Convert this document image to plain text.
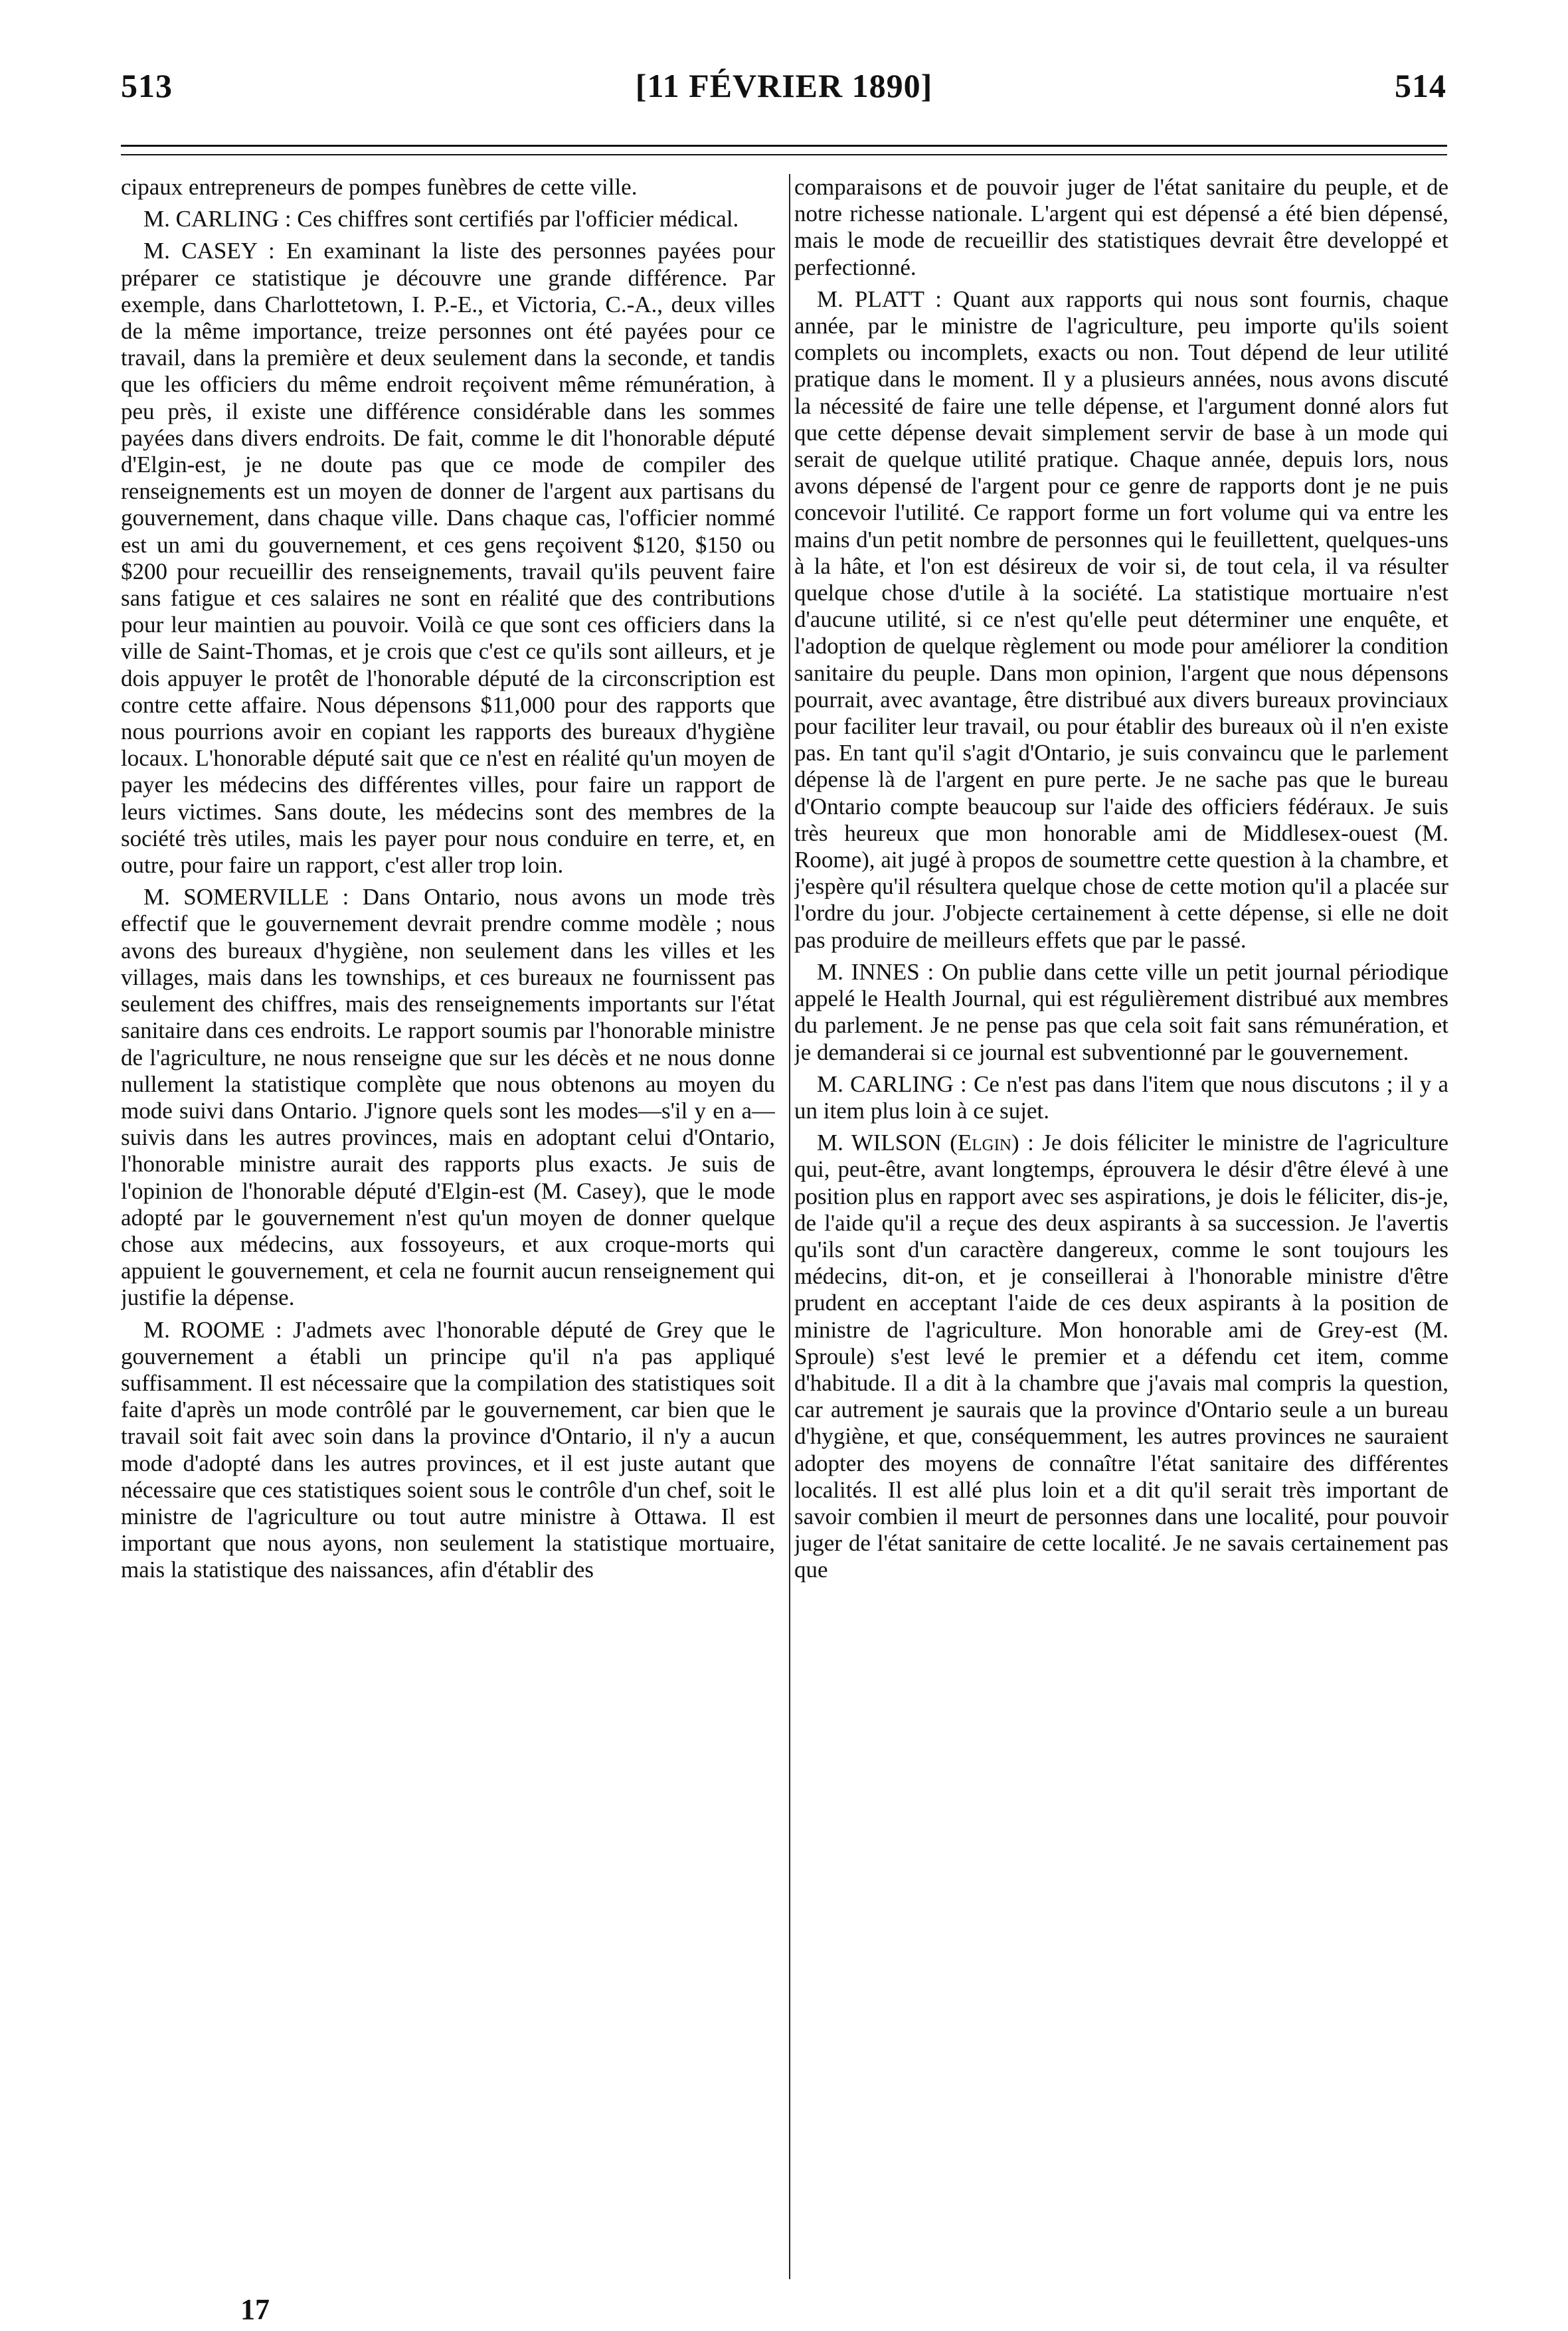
513	[11 FÉVRIER 1890]	514

cipaux entrepreneurs de pompes funèbres de cette ville.

M. CARLING : Ces chiffres sont certifiés par l'officier médical.

M. CASEY : En examinant la liste des personnes payées pour préparer ce statistique je découvre une grande différence. Par exemple, dans Charlottetown, I. P.-E., et Victoria, C.-A., deux villes de la même importance, treize personnes ont été payées pour ce travail, dans la première et deux seulement dans la seconde, et tandis que les officiers du même endroit reçoivent même rémunération, à peu près, il existe une différence considérable dans les sommes payées dans divers endroits. De fait, comme le dit l'honorable député d'Elgin-est, je ne doute pas que ce mode de compiler des renseignements est un moyen de donner de l'argent aux partisans du gouvernement, dans chaque ville. Dans chaque cas, l'officier nommé est un ami du gouvernement, et ces gens reçoivent $120, $150 ou $200 pour recueillir des renseignements, travail qu'ils peuvent faire sans fatigue et ces salaires ne sont en réalité que des contributions pour leur maintien au pouvoir. Voilà ce que sont ces officiers dans la ville de Saint-Thomas, et je crois que c'est ce qu'ils sont ailleurs, et je dois appuyer le protêt de l'honorable député de la circonscription est contre cette affaire. Nous dépensons $11,000 pour des rapports que nous pourrions avoir en copiant les rapports des bureaux d'hygiène locaux. L'honorable député sait que ce n'est en réalité qu'un moyen de payer les médecins des différentes villes, pour faire un rapport de leurs victimes. Sans doute, les médecins sont des membres de la société très utiles, mais les payer pour nous conduire en terre, et, en outre, pour faire un rapport, c'est aller trop loin.

M. SOMERVILLE : Dans Ontario, nous avons un mode très effectif que le gouvernement devrait prendre comme modèle ; nous avons des bureaux d'hygiène, non seulement dans les villes et les villages, mais dans les townships, et ces bureaux ne fournissent pas seulement des chiffres, mais des renseignements importants sur l'état sanitaire dans ces endroits. Le rapport soumis par l'honorable ministre de l'agriculture, ne nous renseigne que sur les décès et ne nous donne nullement la statistique complète que nous obtenons au moyen du mode suivi dans Ontario. J'ignore quels sont les modes—s'il y en a—suivis dans les autres provinces, mais en adoptant celui d'Ontario, l'honorable ministre aurait des rapports plus exacts. Je suis de l'opinion de l'honorable député d'Elgin-est (M. Casey), que le mode adopté par le gouvernement n'est qu'un moyen de donner quelque chose aux médecins, aux fossoyeurs, et aux croque-morts qui appuient le gouvernement, et cela ne fournit aucun renseignement qui justifie la dépense.

M. ROOME : J'admets avec l'honorable député de Grey que le gouvernement a établi un principe qu'il n'a pas appliqué suffisamment. Il est nécessaire que la compilation des statistiques soit faite d'après un mode contrôlé par le gouvernement, car bien que le travail soit fait avec soin dans la province d'Ontario, il n'y a aucun mode d'adopté dans les autres provinces, et il est juste autant que nécessaire que ces statistiques soient sous le contrôle d'un chef, soit le ministre de l'agriculture ou tout autre ministre à Ottawa. Il est important que nous ayons, non seulement la statistique mortuaire, mais la statistique des naissances, afin d'établir des

comparaisons et de pouvoir juger de l'état sanitaire du peuple, et de notre richesse nationale. L'argent qui est dépensé a été bien dépensé, mais le mode de recueillir des statistiques devrait être developpé et perfectionné.

M. PLATT : Quant aux rapports qui nous sont fournis, chaque année, par le ministre de l'agriculture, peu importe qu'ils soient complets ou incomplets, exacts ou non. Tout dépend de leur utilité pratique dans le moment. Il y a plusieurs années, nous avons discuté la nécessité de faire une telle dépense, et l'argument donné alors fut que cette dépense devait simplement servir de base à un mode qui serait de quelque utilité pratique. Chaque année, depuis lors, nous avons dépensé de l'argent pour ce genre de rapports dont je ne puis concevoir l'utilité. Ce rapport forme un fort volume qui va entre les mains d'un petit nombre de personnes qui le feuillettent, quelques-uns à la hâte, et l'on est désireux de voir si, de tout cela, il va résulter quelque chose d'utile à la société. La statistique mortuaire n'est d'aucune utilité, si ce n'est qu'elle peut déterminer une enquête, et l'adoption de quelque règlement ou mode pour améliorer la condition sanitaire du peuple. Dans mon opinion, l'argent que nous dépensons pourrait, avec avantage, être distribué aux divers bureaux provinciaux pour faciliter leur travail, ou pour établir des bureaux où il n'en existe pas. En tant qu'il s'agit d'Ontario, je suis convaincu que le parlement dépense là de l'argent en pure perte. Je ne sache pas que le bureau d'Ontario compte beaucoup sur l'aide des officiers fédéraux. Je suis très heureux que mon honorable ami de Middlesex-ouest (M. Roome), ait jugé à propos de soumettre cette question à la chambre, et j'espère qu'il résultera quelque chose de cette motion qu'il a placée sur l'ordre du jour. J'objecte certainement à cette dépense, si elle ne doit pas produire de meilleurs effets que par le passé.

M. INNES : On publie dans cette ville un petit journal périodique appelé le Health Journal, qui est régulièrement distribué aux membres du parlement. Je ne pense pas que cela soit fait sans rémunération, et je demanderai si ce journal est subventionné par le gouvernement.

M. CARLING : Ce n'est pas dans l'item que nous discutons ; il y a un item plus loin à ce sujet.

M. WILSON (Elgin) : Je dois féliciter le ministre de l'agriculture qui, peut-être, avant longtemps, éprouvera le désir d'être élevé à une position plus en rapport avec ses aspirations, je dois le féliciter, dis-je, de l'aide qu'il a reçue des deux aspirants à sa succession. Je l'avertis qu'ils sont d'un caractère dangereux, comme le sont toujours les médecins, dit-on, et je conseillerai à l'honorable ministre d'être prudent en acceptant l'aide de ces deux aspirants à la position de ministre de l'agriculture. Mon honorable ami de Grey-est (M. Sproule) s'est levé le premier et a défendu cet item, comme d'habitude. Il a dit à la chambre que j'avais mal compris la question, car autrement je saurais que la province d'Ontario seule a un bureau d'hygiène, et que, conséquemment, les autres provinces ne sauraient adopter des moyens de connaître l'état sanitaire des différentes localités. Il est allé plus loin et a dit qu'il serait très important de savoir combien il meurt de personnes dans une localité, pour pouvoir juger de l'état sanitaire de cette localité. Je ne savais certainement pas que

17
